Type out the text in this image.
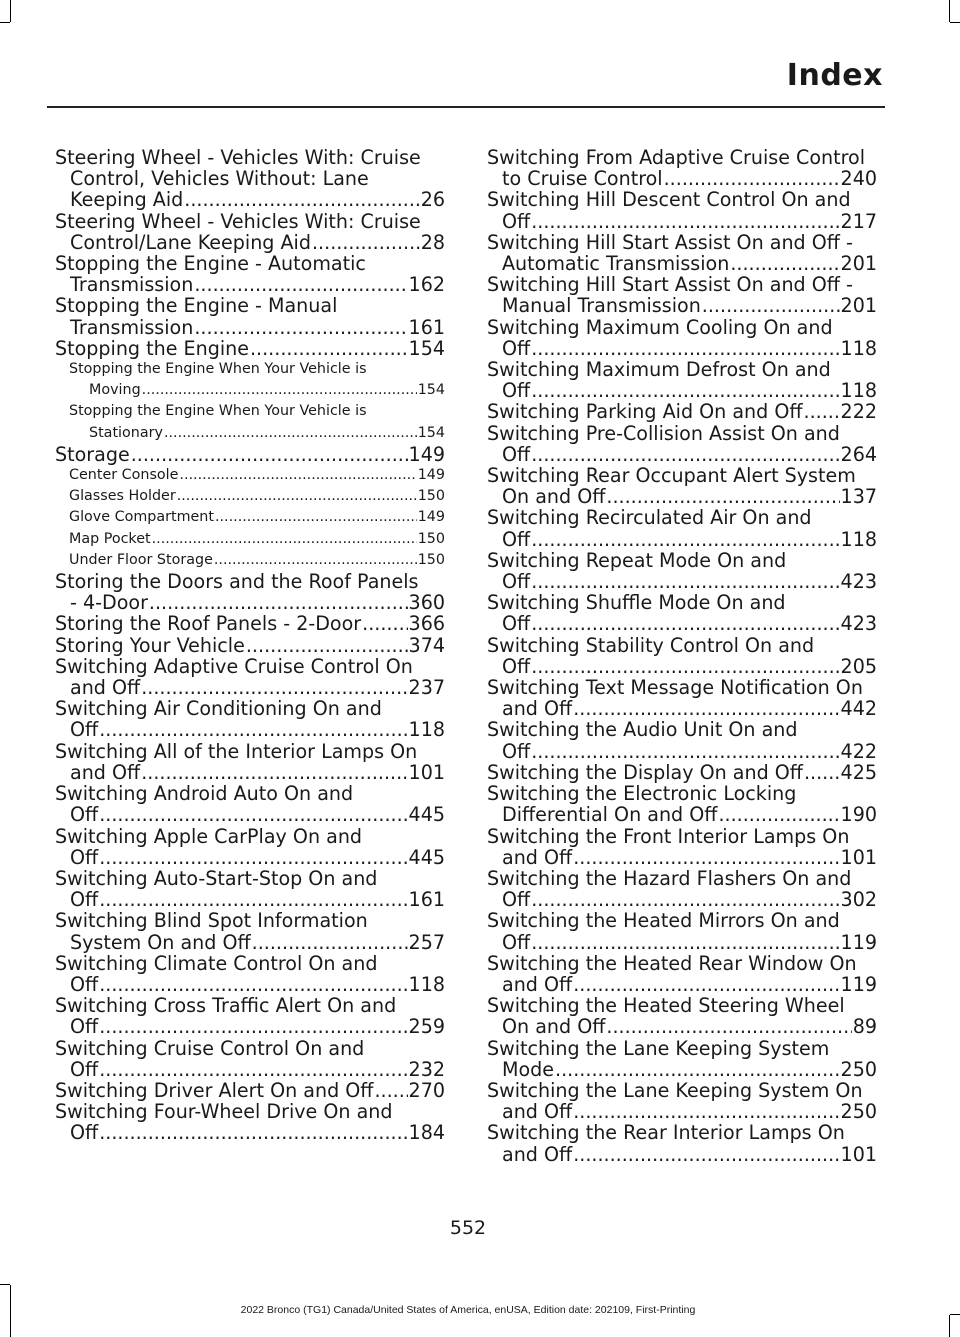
Index
Steering Wheel - Vehicles With: Cruise
Control, Vehicles Without: Lane
Keeping Aid .....	26
Steering Wheel - Vehicles With: Cruise
Control/Lane Keeping Aid .....	28
Stopping the Engine - Automatic
Transmission .....	162
Stopping the Engine - Manual
Transmission .....	161
Stopping the Engine .....	154
Stopping the Engine When Your Vehicle is
Moving .....	154
Stopping the Engine When Your Vehicle is
Stationary .....	154
Storage .....	149
Center Console .....	149
Glasses Holder .....	150
Glove Compartment .....	149
Map Pocket .....	150
Under Floor Storage .....	150
Storing the Doors and the Roof Panels
- 4-Door .....	360
Storing the Roof Panels - 2-Door ..... 366
Storing Your Vehicle .....	374
Switching Adaptive Cruise Control On
and Off .....	237
Switching Air Conditioning On and
Off .....	118
Switching All of the Interior Lamps On
and Off .....	101
Switching Android Auto On and
Off .....	445
Switching Apple CarPlay On and
Off .....	445
Switching Auto-Start-Stop On and
Off .....	161
Switching Blind Spot Information
System On and Off .....	257
Switching Climate Control On and
Off .....	118
Switching Cross Traffic Alert On and
Off .....	259
Switching Cruise Control On and
Off .....	232
Switching Driver Alert On and Off ..... 270
Switching Four-Wheel Drive On and
Off .....	184
Switching From Adaptive Cruise Control
to Cruise Control .....	240
Switching Hill Descent Control On and
Off .....	217
Switching Hill Start Assist On and Off -
Automatic Transmission .....	201
Switching Hill Start Assist On and Off -
Manual Transmission .....	201
Switching Maximum Cooling On and
Off .....	118
Switching Maximum Defrost On and
Off .....	118
Switching Parking Aid On and Off ..... 222
Switching Pre-Collision Assist On and
Off .....	264
Switching Rear Occupant Alert System
On and Off .....	137
Switching Recirculated Air On and
Off .....	118
Switching Repeat Mode On and
Off .....	423
Switching Shuffle Mode On and
Off .....	423
Switching Stability Control On and
Off .....	205
Switching Text Message Notification On
and Off .....	442
Switching the Audio Unit On and
Off .....	422
Switching the Display On and Off ..... 425
Switching the Electronic Locking
Differential On and Off .....	190
Switching the Front Interior Lamps On
and Off .....	101
Switching the Hazard Flashers On and
Off .....	302
Switching the Heated Mirrors On and
Off .....	119
Switching the Heated Rear Window On
and Off .....	119
Switching the Heated Steering Wheel
On and Off .....	89
Switching the Lane Keeping System
Mode .....	250
Switching the Lane Keeping System On
and Off .....	250
Switching the Rear Interior Lamps On
and Off .....	101
552
2022 Bronco (TG1) Canada/United States of America, enUSA, Edition date: 202109, First-Printing
